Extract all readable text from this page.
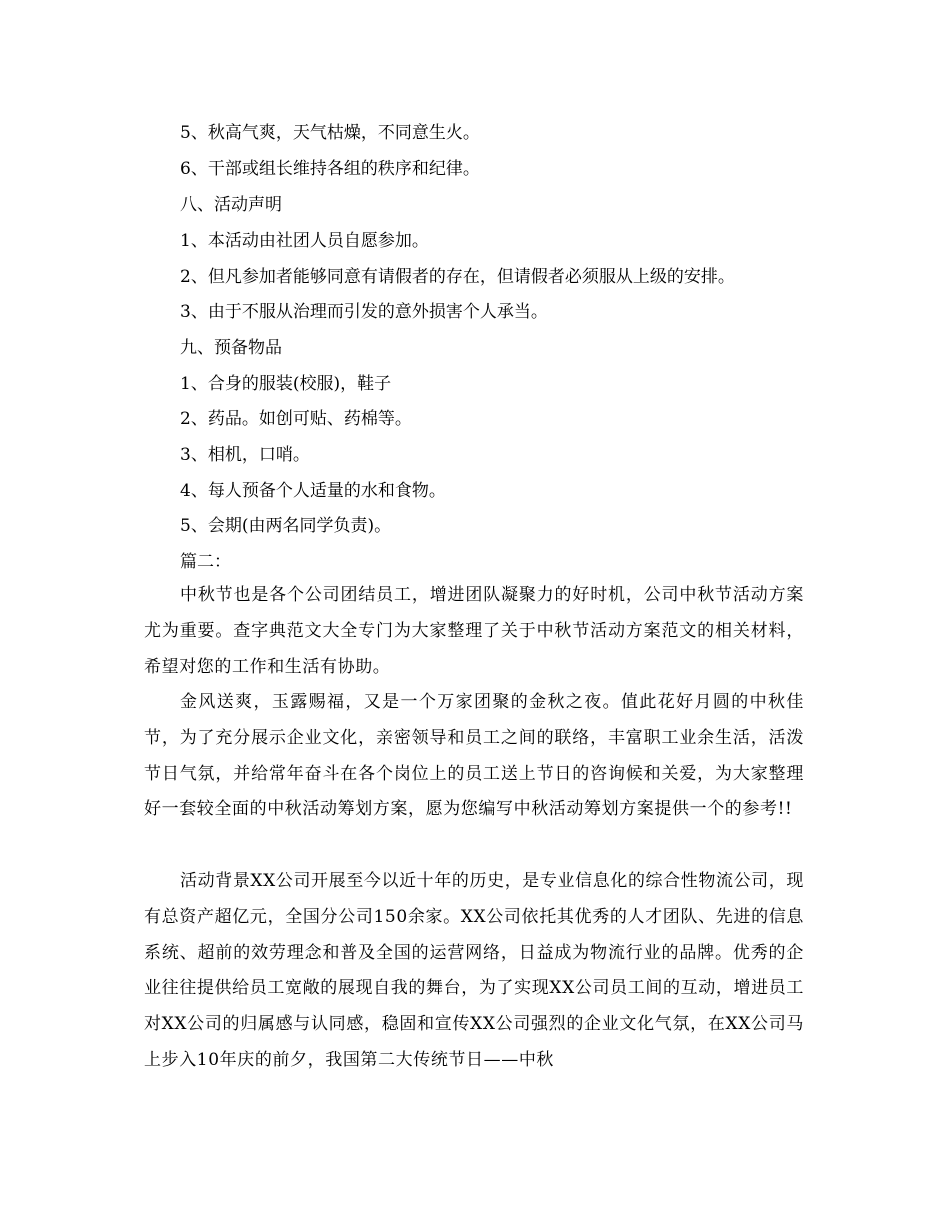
5、秋高气爽，天气枯燥，不同意生火。
6、干部或组长维持各组的秩序和纪律。
八、活动声明
1、本活动由社团人员自愿参加。
2、但凡参加者能够同意有请假者的存在，但请假者必须服从上级的安排。
3、由于不服从治理而引发的意外损害个人承当。
九、预备物品
1、合身的服装(校服)，鞋子
2、药品。如创可贴、药棉等。
3、相机，口哨。
4、每人预备个人适量的水和食物。
5、会期(由两名同学负责)。
篇二：
中秋节也是各个公司团结员工，增进团队凝聚力的好时机，公司中秋节活动方案尤为重要。查字典范文大全专门为大家整理了关于中秋节活动方案范文的相关材料，希望对您的工作和生活有协助。
金风送爽，玉露赐福，又是一个万家团聚的金秋之夜。值此花好月圆的中秋佳节，为了充分展示企业文化，亲密领导和员工之间的联络，丰富职工业余生活，活泼节日气氛，并给常年奋斗在各个岗位上的员工送上节日的咨询候和关爱，为大家整理好一套较全面的中秋活动筹划方案，愿为您编写中秋活动筹划方案提供一个的参考!!
活动背景XX公司开展至今以近十年的历史，是专业信息化的综合性物流公司，现有总资产超亿元，全国分公司150余家。XX公司依托其优秀的人才团队、先进的信息系统、超前的效劳理念和普及全国的运营网络，日益成为物流行业的品牌。优秀的企业往往提供给员工宽敞的展现自我的舞台，为了实现XX公司员工间的互动，增进员工对XX公司的归属感与认同感，稳固和宣传XX公司强烈的企业文化气氛，在XX公司马上步入10年庆的前夕，我国第二大传统节日——中秋
